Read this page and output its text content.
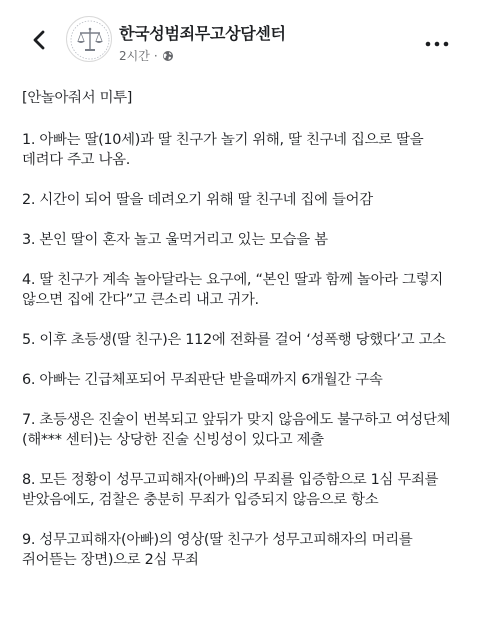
한국성범죄무고상담센터
2시간 ·
[안놀아줘서 미투]
1. 아빠는 딸(10세)과 딸 친구가 놀기 위해, 딸 친구네 집으로 딸을 데려다 주고 나옴.
2. 시간이 되어 딸을 데려오기 위해 딸 친구네 집에 들어감
3. 본인 딸이 혼자 놀고 울먹거리고 있는 모습을 봄
4. 딸 친구가 계속 놀아달라는 요구에, “본인 딸과 함께 놀아라 그렇지 않으면 집에 간다”고 큰소리 내고 귀가.
5. 이후 초등생(딸 친구)은 112에 전화를 걸어 ‘성폭행 당했다’고 고소
6. 아빠는 긴급체포되어 무죄판단 받을때까지 6개월간 구속
7. 초등생은 진술이 번복되고 앞뒤가 맞지 않음에도 불구하고 여성단체(해*** 센터)는 상당한 진술 신빙성이 있다고 제출
8. 모든 정황이 성무고피해자(아빠)의 무죄를 입증함으로 1심 무죄를 받았음에도, 검찰은 충분히 무죄가 입증되지 않음으로 항소
9. 성무고피해자(아빠)의 영상(딸 친구가 성무고피해자의 머리를 쥐어뜯는 장면)으로 2심 무죄
